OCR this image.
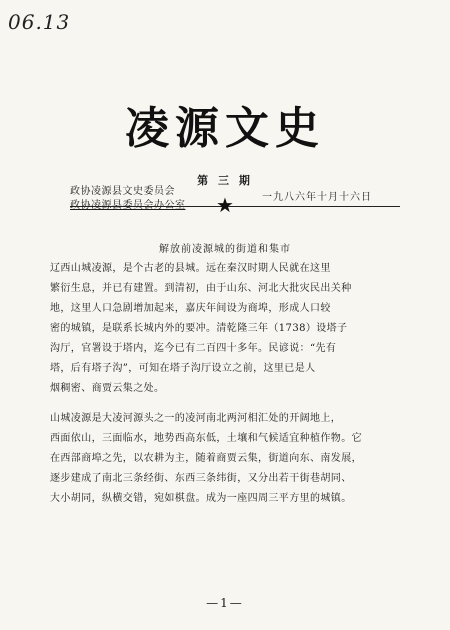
06.13
凌源文史
第 三 期
政协凌源县文史委员会
政协凌源县委员会办公室	★	一九八六年十月十六日
解放前凌源城的街道和集市

辽西山城凌源，是个古老的县城。远在秦汉时期人民就在这里
繁衍生息，并已有建置。到清初，由于山东、河北大批灾民出关种
地，这里人口急剧增加起来，嘉庆年间设为商埠，形成人口较
密的城镇，是联系长城内外的要冲。清乾隆三年（1738）设塔子
沟厅，官署设于塔内，迄今已有二百四十多年。民谚说：“先有
塔，后有塔子沟”，可知在塔子沟厅设立之前，这里已是人
烟稠密、商贾云集之处。

山城凌源是大凌河源头之一的凌河南北两河相汇处的开阔地上，
西面依山，三面临水，地势西高东低，土壤和气候适宜种植作物。它
在西部商埠之先，以农耕为主，随着商贾云集，街道向东、南发展，
逐步建成了南北三条经街、东西三条纬街，又分出若干街巷胡同、
大小胡同，纵横交错，宛如棋盘。成为一座四周三平方里的城镇。

—1—
